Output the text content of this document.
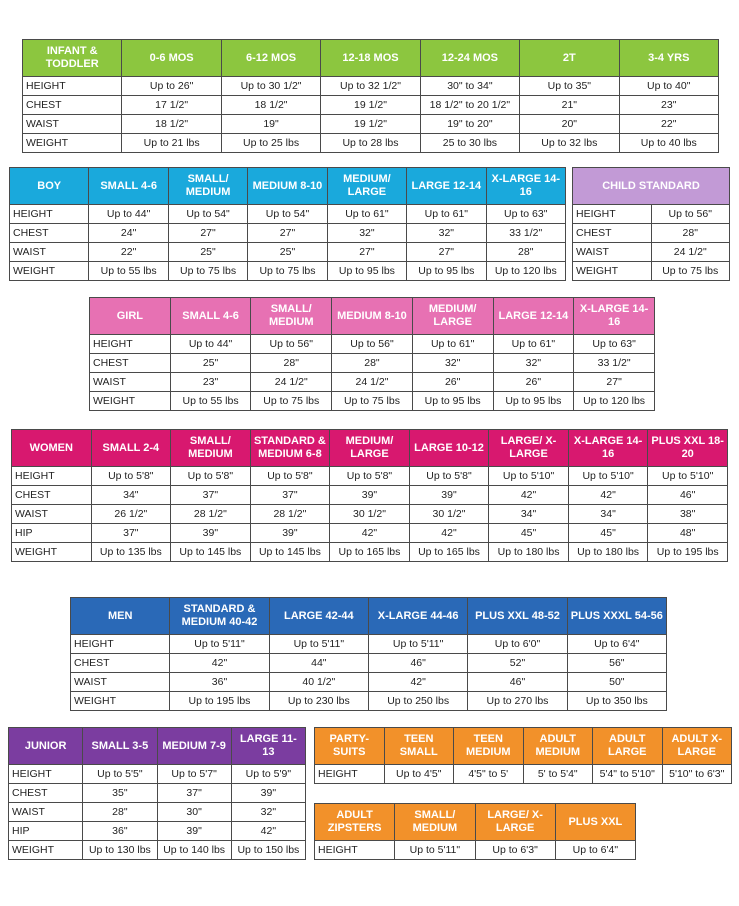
INFANT & TODDLER	0-6 MOS	6-12 MOS	12-18 MOS	12-24 MOS	2T	3-4 YRS
HEIGHT	Up to 26"	Up to 30 1/2"	Up to 32 1/2"	30" to 34"	Up to 35"	Up to 40"
CHEST	17 1/2"	18 1/2"	19 1/2"	18 1/2" to 20 1/2"	21"	23"
WAIST	18 1/2"	19"	19 1/2"	19" to 20"	20"	22"
WEIGHT	Up to 21 lbs	Up to 25 lbs	Up to 28 lbs	25 to 30 lbs	Up to 32 lbs	Up to 40 lbs
BOY	SMALL 4-6	SMALL/ MEDIUM	MEDIUM 8-10	MEDIUM/ LARGE	LARGE 12-14	X-LARGE 14-16
HEIGHT	Up to 44"	Up to 54"	Up to 54"	Up to 61"	Up to 61"	Up to 63"
CHEST	24"	27"	27"	32"	32"	33 1/2"
WAIST	22"	25"	25"	27"	27"	28"
WEIGHT	Up to 55 lbs	Up to 75 lbs	Up to 75 lbs	Up to 95 lbs	Up to 95 lbs	Up to 120 lbs
CHILD STANDARD	
HEIGHT	Up to 56"
CHEST	28"
WAIST	24 1/2"
WEIGHT	Up to 75 lbs
GIRL	SMALL 4-6	SMALL/ MEDIUM	MEDIUM 8-10	MEDIUM/ LARGE	LARGE 12-14	X-LARGE 14-16
HEIGHT	Up to 44"	Up to 56"	Up to 56"	Up to 61"	Up to 61"	Up to 63"
CHEST	25"	28"	28"	32"	32"	33 1/2"
WAIST	23"	24 1/2"	24 1/2"	26"	26"	27"
WEIGHT	Up to 55 lbs	Up to 75 lbs	Up to 75 lbs	Up to 95 lbs	Up to 95 lbs	Up to 120 lbs
WOMEN	SMALL 2-4	SMALL/ MEDIUM	STANDARD & MEDIUM 6-8	MEDIUM/ LARGE	LARGE 10-12	LARGE/ X-LARGE	X-LARGE 14-16	PLUS XXL 18-20
HEIGHT	Up to 5'8"	Up to 5'8"	Up to 5'8"	Up to 5'8"	Up to 5'8"	Up to 5'10"	Up to 5'10"	Up to 5'10"
CHEST	34"	37"	37"	39"	39"	42"	42"	46"
WAIST	26 1/2"	28 1/2"	28 1/2"	30 1/2"	30 1/2"	34"	34"	38"
HIP	37"	39"	39"	42"	42"	45"	45"	48"
WEIGHT	Up to 135 lbs	Up to 145 lbs	Up to 145 lbs	Up to 165 lbs	Up to 165 lbs	Up to 180 lbs	Up to 180 lbs	Up to 195 lbs
MEN	STANDARD & MEDIUM 40-42	LARGE 42-44	X-LARGE 44-46	PLUS XXL 48-52	PLUS XXXL 54-56
HEIGHT	Up to 5'11"	Up to 5'11"	Up to 5'11"	Up to 6'0"	Up to 6'4"
CHEST	42"	44"	46"	52"	56"
WAIST	36"	40 1/2"	42"	46"	50"
WEIGHT	Up to 195 lbs	Up to 230 lbs	Up to 250 lbs	Up to 270 lbs	Up to 350 lbs
JUNIOR	SMALL 3-5	MEDIUM 7-9	LARGE 11-13
HEIGHT	Up to 5'5"	Up to 5'7"	Up to 5'9"
CHEST	35"	37"	39"
WAIST	28"	30"	32"
HIP	36"	39"	42"
WEIGHT	Up to 130 lbs	Up to 140 lbs	Up to 150 lbs
PARTY-SUITS	TEEN SMALL	TEEN MEDIUM	ADULT MEDIUM	ADULT LARGE	ADULT X-LARGE
HEIGHT	Up to 4'5"	4'5" to 5'	5' to 5'4"	5'4" to 5'10"	5'10" to 6'3"
ADULT ZIPSTERS	SMALL/ MEDIUM	LARGE/ X-LARGE	PLUS XXL
HEIGHT	Up to 5'11"	Up to 6'3"	Up to 6'4"
